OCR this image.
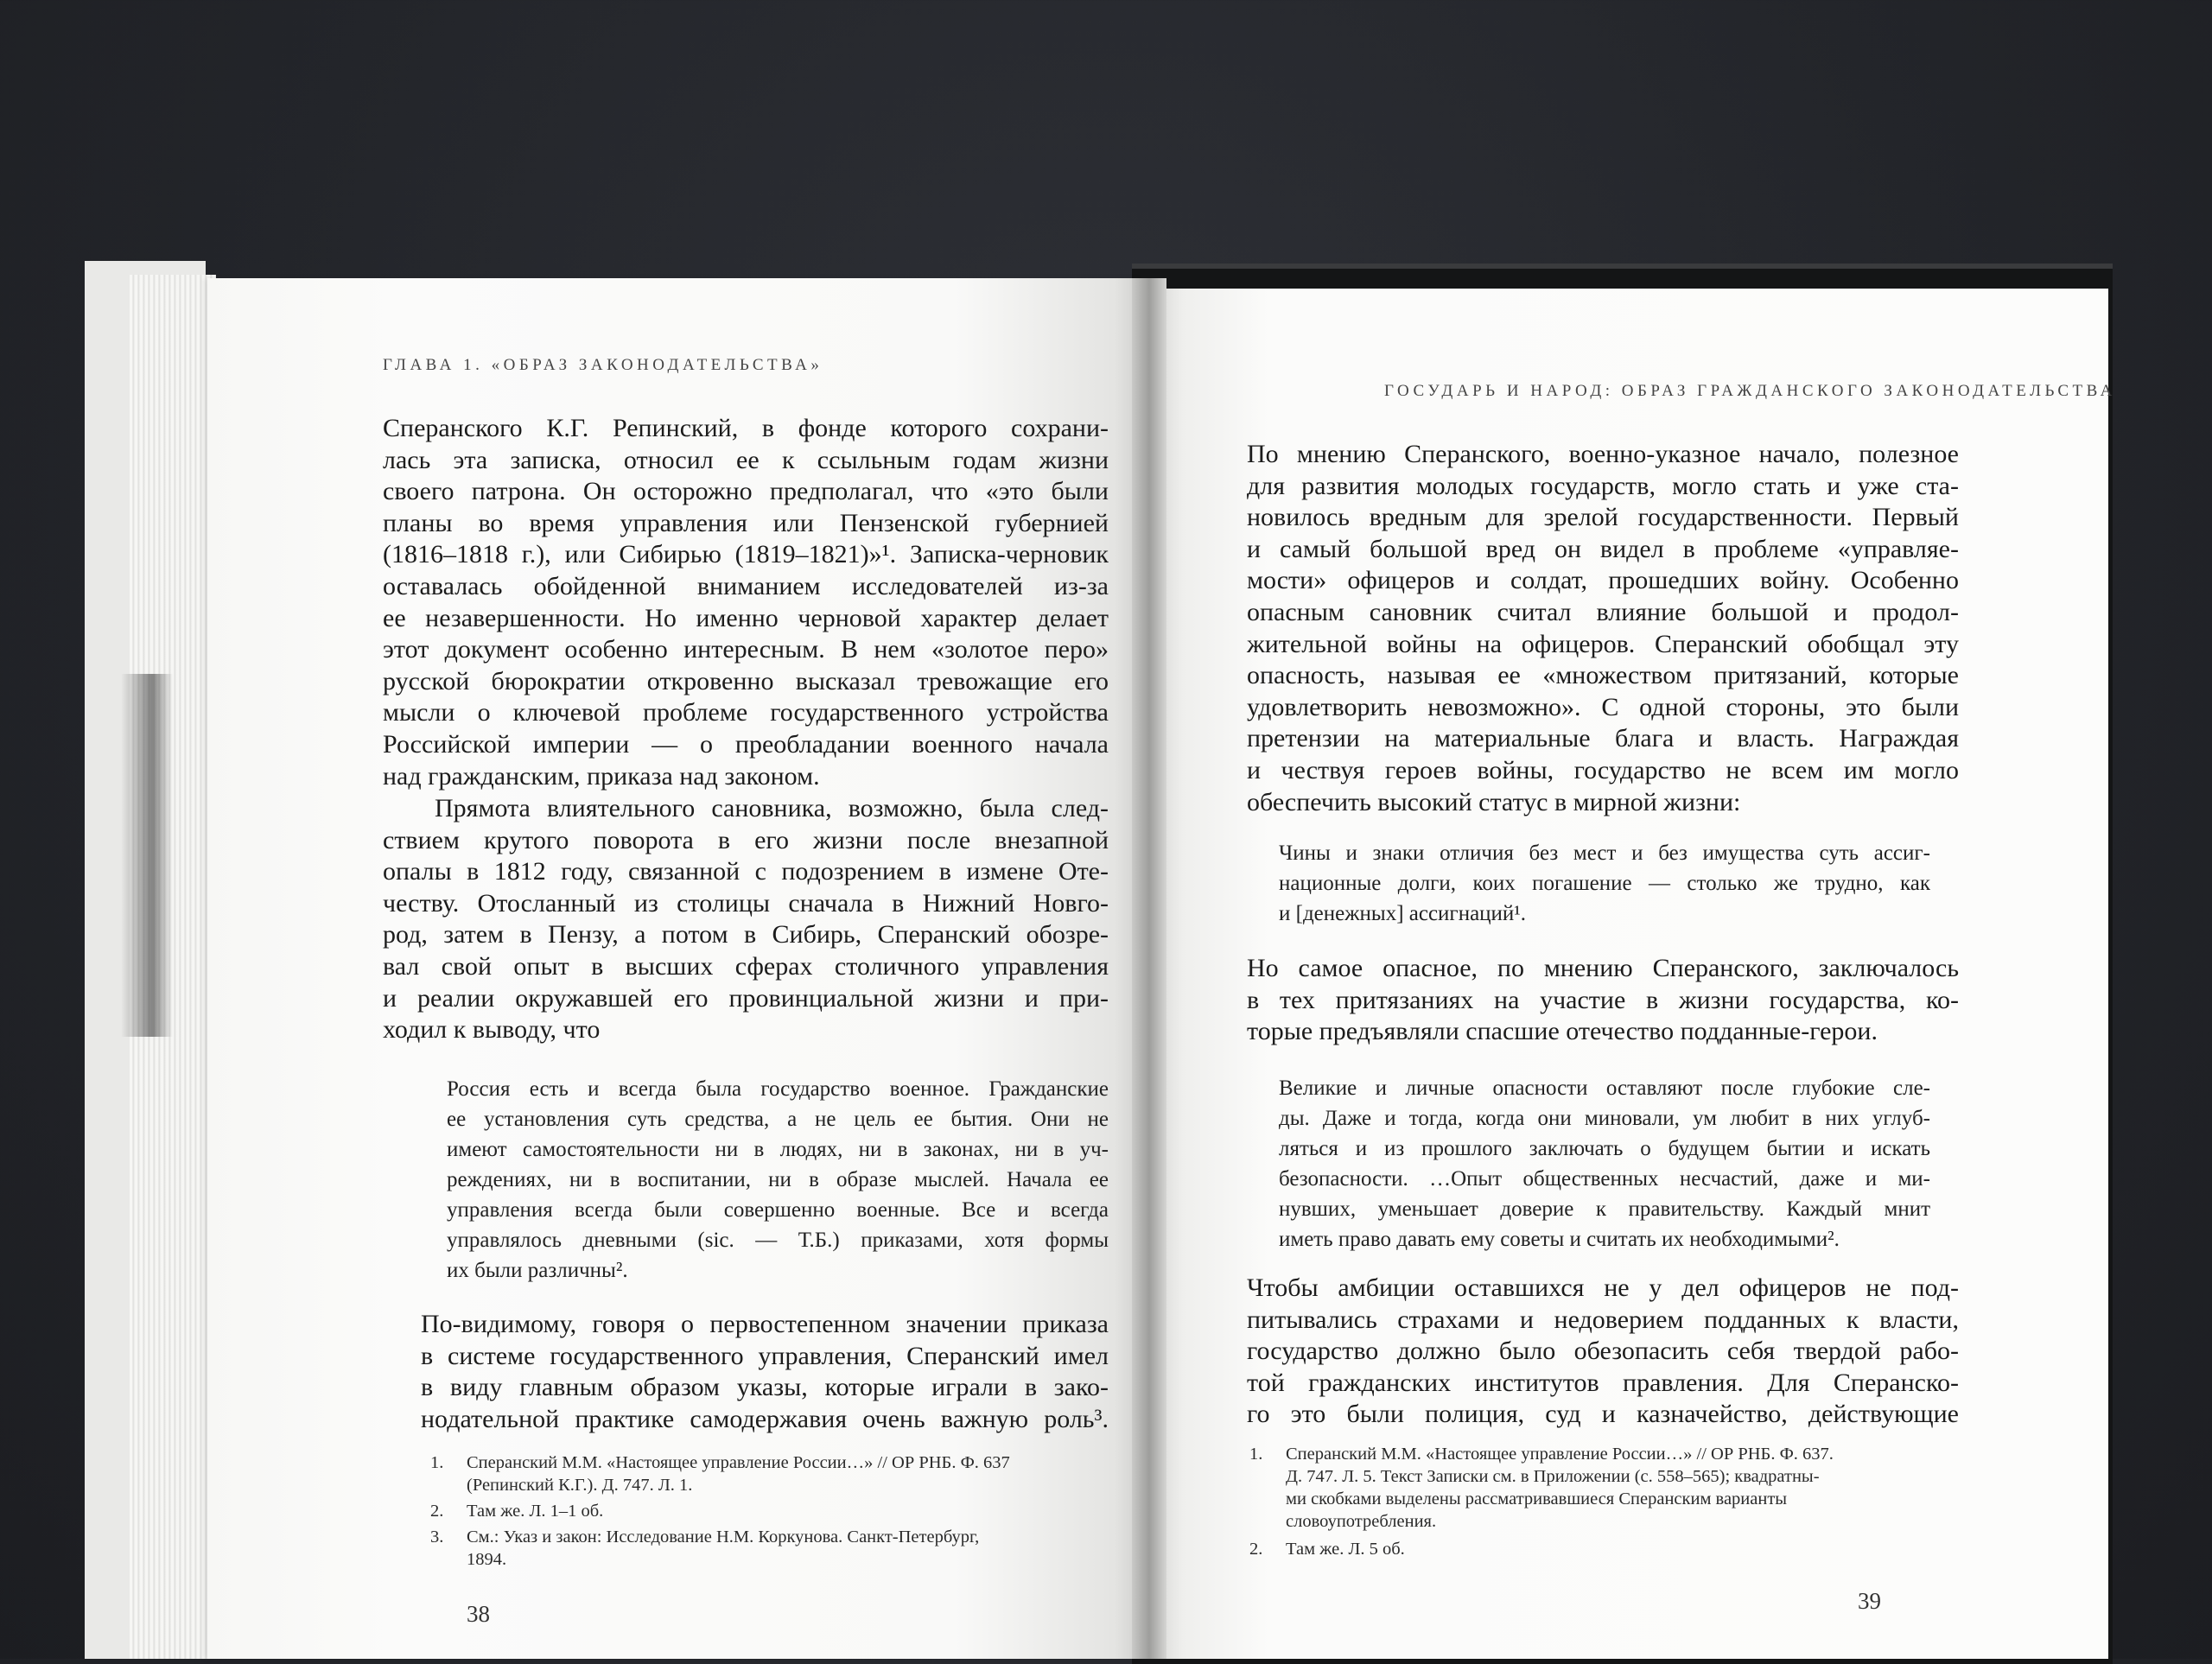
ГЛАВА 1. «ОБРАЗ ЗАКОНОДАТЕЛЬСТВА»
Сперанского К.Г. Репинский, в фонде которого сохрани-
лась эта записка, относил ее к ссыльным годам жизни
своего патрона. Он осторожно предполагал, что «это были
планы во время управления или Пензенской губернией
(1816–1818 г.), или Сибирью (1819–1821)»¹. Записка-черновик
оставалась обойденной вниманием исследователей из-за
ее незавершенности. Но именно черновой характер делает
этот документ особенно интересным. В нем «золотое перо»
русской бюрократии откровенно высказал тревожащие его
мысли о ключевой проблеме государственного устройства
Российской империи — о преобладании военного начала
над гражданским, приказа над законом.
Прямота влиятельного сановника, возможно, была след-
ствием крутого поворота в его жизни после внезапной
опалы в 1812 году, связанной с подозрением в измене Оте-
честву. Отосланный из столицы сначала в Нижний Новго-
род, затем в Пензу, а потом в Сибирь, Сперанский обозре-
вал свой опыт в высших сферах столичного управления
и реалии окружавшей его провинциальной жизни и при-
ходил к выводу, что
Россия есть и всегда была государство военное. Гражданские
ее установления суть средства, а не цель ее бытия. Они не
имеют самостоятельности ни в людях, ни в законах, ни в уч-
реждениях, ни в воспитании, ни в образе мыслей. Начала ее
управления всегда были совершенно военные. Все и всегда
управлялось дневными (sic. — Т.Б.) приказами, хотя формы
их были различны².
По-видимому, говоря о первостепенном значении приказа
в системе государственного управления, Сперанский имел
в виду главным образом указы, которые играли в зако-
нодательной практике самодержавия очень важную роль³.
1. Сперанский М.М. «Настоящее управление России…» // ОР РНБ. Ф. 637
(Репинский К.Г.). Д. 747. Л. 1.
2. Там же. Л. 1–1 об.
3. См.: Указ и закон: Исследование Н.М. Коркунова. Санкт-Петербург,
1894.
38
ГОСУДАРЬ И НАРОД: ОБРАЗ ГРАЖДАНСКОГО ЗАКОНОДАТЕЛЬСТВА
По мнению Сперанского, военно-указное начало, полезное
для развития молодых государств, могло стать и уже ста-
новилось вредным для зрелой государственности. Первый
и самый большой вред он видел в проблеме «управляе-
мости» офицеров и солдат, прошедших войну. Особенно
опасным сановник считал влияние большой и продол-
жительной войны на офицеров. Сперанский обобщал эту
опасность, называя ее «множеством притязаний, которые
удовлетворить невозможно». С одной стороны, это были
претензии на материальные блага и власть. Награждая
и чествуя героев войны, государство не всем им могло
обеспечить высокий статус в мирной жизни:
Чины и знаки отличия без мест и без имущества суть ассиг-
национные долги, коих погашение — столько же трудно, как
и [денежных] ассигнаций¹.
Но самое опасное, по мнению Сперанского, заключалось
в тех притязаниях на участие в жизни государства, ко-
торые предъявляли спасшие отечество подданные-герои.
Великие и личные опасности оставляют после глубокие сле-
ды. Даже и тогда, когда они миновали, ум любит в них углуб-
ляться и из прошлого заключать о будущем бытии и искать
безопасности. …Опыт общественных несчастий, даже и ми-
нувших, уменьшает доверие к правительству. Каждый мнит
иметь право давать ему советы и считать их необходимыми².
Чтобы амбиции оставшихся не у дел офицеров не под-
питывались страхами и недоверием подданных к власти,
государство должно было обезопасить себя твердой рабо-
той гражданских институтов правления. Для Сперанско-
го это были полиция, суд и казначейство, действующие
1. Сперанский М.М. «Настоящее управление России…» // ОР РНБ. Ф. 637.
Д. 747. Л. 5. Текст Записки см. в Приложении (с. 558–565); квадратны-
ми скобками выделены рассматривавшиеся Сперанским варианты
словоупотребления.
2. Там же. Л. 5 об.
39
